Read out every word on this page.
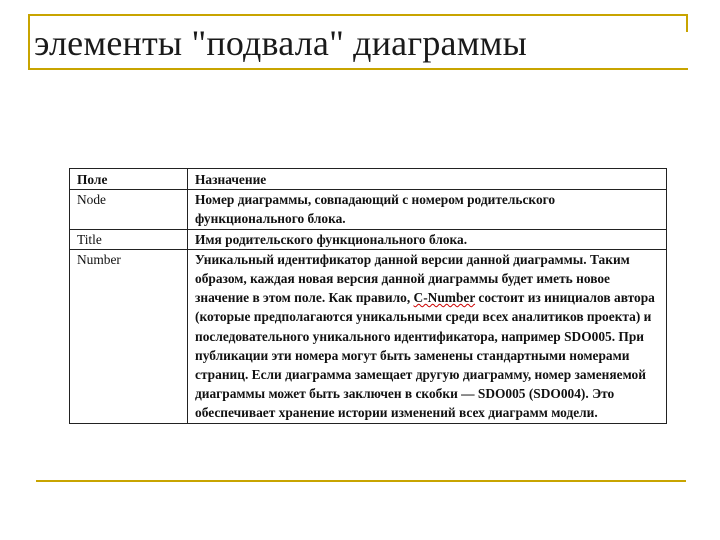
элементы "подвала" диаграммы
Поле	Назначение
Node	Номер диаграммы, совпадающий с номером родительского функционального блока.
Title	Имя родительского функционального блока.
Number	Уникальный идентификатор данной версии данной диаграммы. Таким образом, каждая новая версия данной диаграммы будет иметь новое значение в этом поле. Как правило, C-Number состоит из инициалов автора (которые предполагаются уникальными среди всех аналитиков проекта) и последовательного уникального идентификатора, например SDO005. При публикации эти номера могут быть заменены стандартными номерами страниц. Если диаграмма замещает другую диаграмму, номер заменяемой диаграммы может быть заключен в скобки — SDO005 (SDO004). Это обеспечивает хранение истории изменений всех диаграмм модели.
